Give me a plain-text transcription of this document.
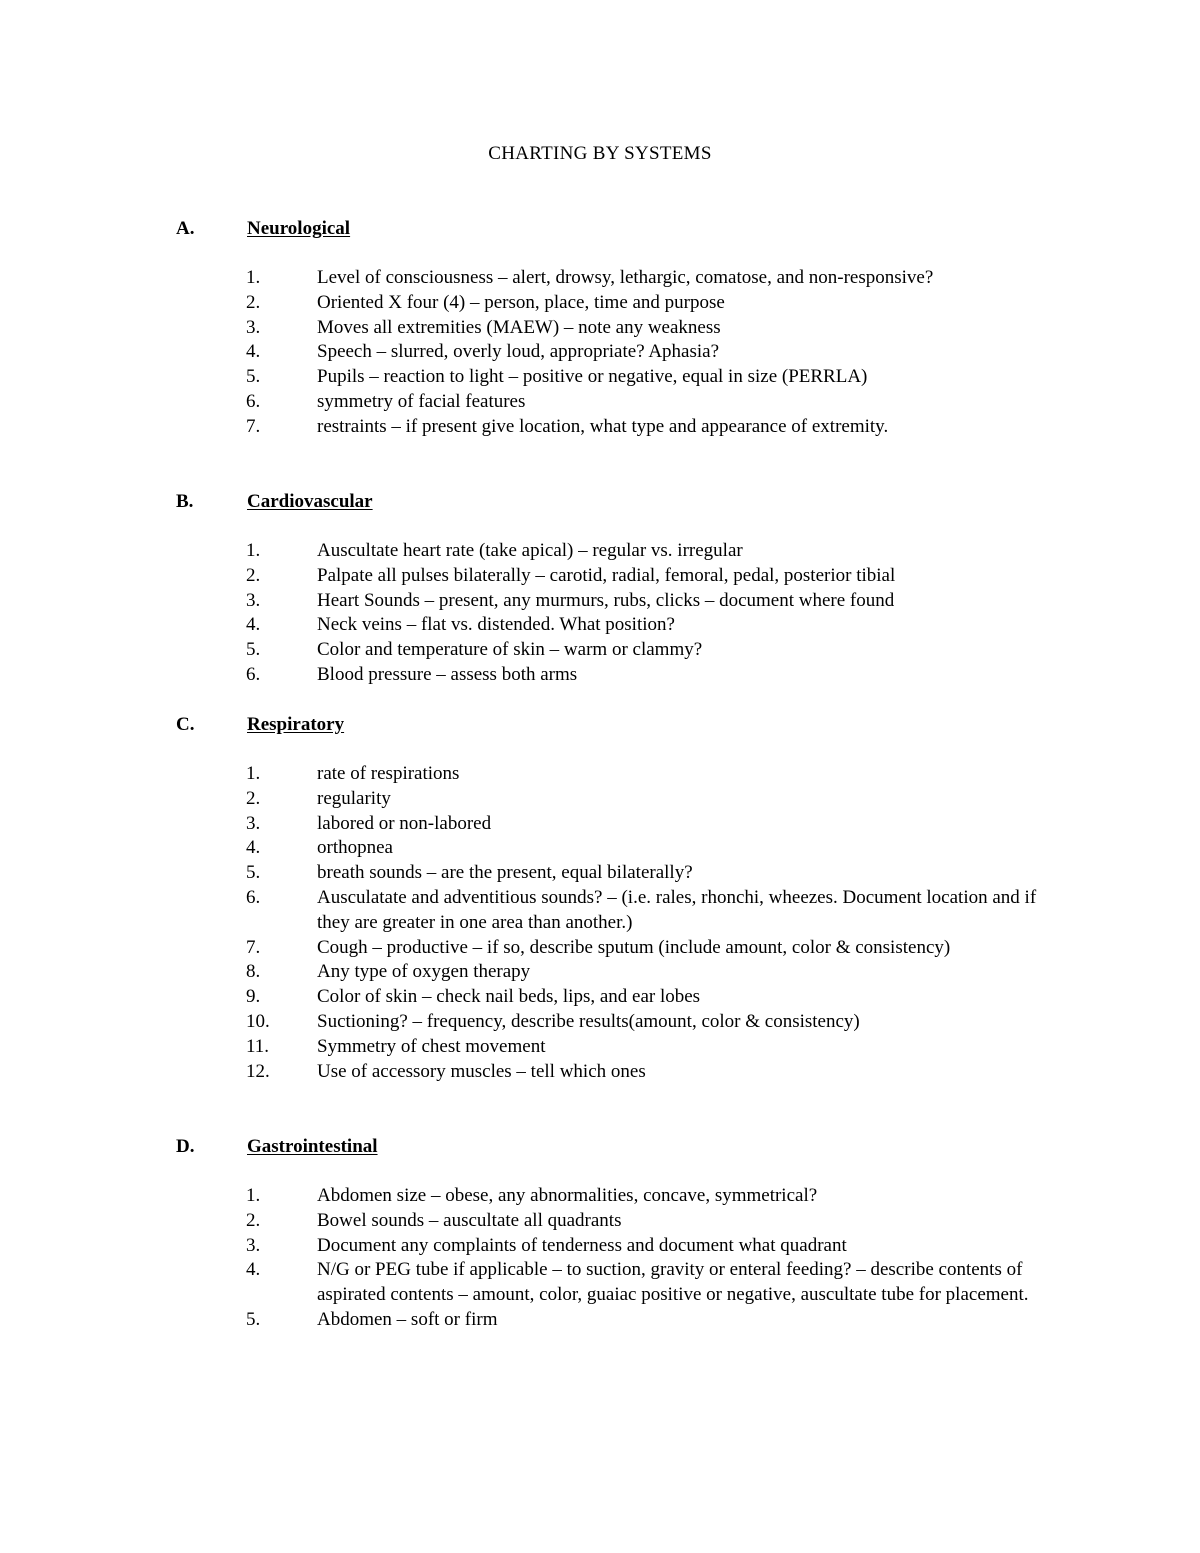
CHARTING BY SYSTEMS
A.	Neurological
1.	Level of consciousness – alert, drowsy, lethargic, comatose, and non-responsive?
2.	Oriented X four (4) – person, place, time and purpose
3.	Moves all extremities (MAEW) – note any weakness
4.	Speech – slurred, overly loud, appropriate? Aphasia?
5.	Pupils – reaction to light – positive or negative, equal in size (PERRLA)
6.	symmetry of facial features
7.	restraints – if present give location, what type and appearance of extremity.
B.	Cardiovascular
1.	Auscultate heart rate (take apical) – regular vs. irregular
2.	Palpate all pulses bilaterally – carotid, radial, femoral, pedal, posterior tibial
3.	Heart Sounds – present, any murmurs, rubs, clicks – document where found
4.	Neck veins – flat vs. distended. What position?
5.	Color and temperature of skin – warm or clammy?
6.	Blood pressure – assess both arms
C.	Respiratory
1.	rate of respirations
2.	regularity
3.	labored or non-labored
4.	orthopnea
5.	breath sounds – are the present, equal bilaterally?
6.	Ausculatate and adventitious sounds? – (i.e. rales, rhonchi, wheezes. Document location and if they are greater in one area than another.)
7.	Cough – productive – if so, describe sputum (include amount, color & consistency)
8.	Any type of oxygen therapy
9.	Color of skin – check nail beds, lips, and ear lobes
10. Suctioning? – frequency, describe results(amount, color & consistency)
11.	Symmetry of chest movement
12. Use of accessory muscles – tell which ones
D.	Gastrointestinal
1.	Abdomen size – obese, any abnormalities, concave, symmetrical?
2.	Bowel sounds – auscultate all quadrants
3.	Document any complaints of tenderness and document what quadrant
4.	N/G or PEG tube if applicable – to suction, gravity or enteral feeding? – describe contents of aspirated contents – amount, color, guaiac positive or negative, auscultate tube for placement.
5.	Abdomen – soft or firm
